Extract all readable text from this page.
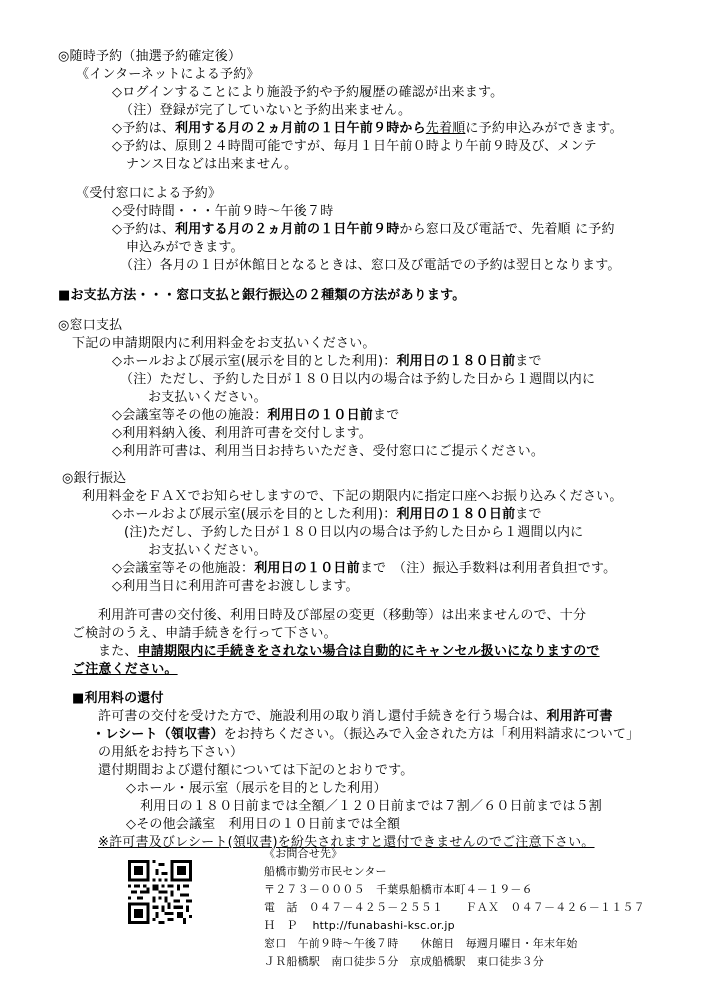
◎随時予約（抽選予約確定後）
《インターネットによる予約》
◇ログインすることにより施設予約や予約履歴の確認が出来ます。
（注）登録が完了していないと予約出来ません。
◇予約は、利用する月の２ヵ月前の１日午前９時から先着順に予約申込みができます。
◇予約は、原則２４時間可能ですが、毎月１日午前０時より午前９時及び、メンテ
ナンス日などは出来ません。
《受付窓口による予約》
◇受付時間・・・午前９時～午後７時
◇予約は、利用する月の２ヵ月前の１日午前９時から窓口及び電話で、先着順 に予約
申込みができます。
（注）各月の１日が休館日となるときは、窓口及び電話での予約は翌日となります。
■お支払方法・・・窓口支払と銀行振込の２種類の方法があります。
◎窓口支払
下記の申請期限内に利用料金をお支払いください。
◇ホールおよび展示室(展示を目的とした利用)：利用日の１８０日前まで
（注）ただし、予約した日が１８０日以内の場合は予約した日から１週間以内に
お支払いください。
◇会議室等その他の施設：利用日の１０日前まで
◇利用料納入後、利用許可書を交付します。
◇利用許可書は、利用当日お持ちいただき、受付窓口にご提示ください。
◎銀行振込
利用料金をＦＡＸでお知らせしますので、下記の期限内に指定口座へお振り込みください。
◇ホールおよび展示室(展示を目的とした利用)：利用日の１８０日前まで
(注)ただし、予約した日が１８０日以内の場合は予約した日から１週間以内に
お支払いください。
◇会議室等その他施設：利用日の１０日前まで　（注）振込手数料は利用者負担です。
◇利用当日に利用許可書をお渡しします。
利用許可書の交付後、利用日時及び部屋の変更（移動等）は出来ませんので、十分
ご検討のうえ、申請手続きを行って下さい。
また、申請期限内に手続きをされない場合は自動的にキャンセル扱いになりますので
ご注意ください。
■利用料の還付
許可書の交付を受けた方で、施設利用の取り消し還付手続きを行う場合は、利用許可書
・レシート（領収書）をお持ちください。（振込みで入金された方は「利用料請求について」
の用紙をお持ち下さい）
還付期間および還付額については下記のとおりです。
◇ホール・展示室（展示を目的とした利用）
利用日の１８０日前までは全額／１２０日前までは７割／６０日前までは５割
◇その他会議室　利用日の１０日前までは全額
※許可書及びレシート(領収書)を紛失されますと還付できませんのでご注意下さい。
《お問合せ先》
船橋市勤労市民センター
〒２７３－０００５　千葉県船橋市本町４－１９－６
電　話　０４７－４２５－２５５１　　ＦＡＸ　０４７－４２６－１１５７
Ｈ　Ｐ　 http://funabashi-ksc.or.jp
窓口　午前９時～午後７時　　休館日　毎週月曜日・年末年始
ＪＲ船橋駅　南口徒歩５分　京成船橋駅　東口徒歩３分
